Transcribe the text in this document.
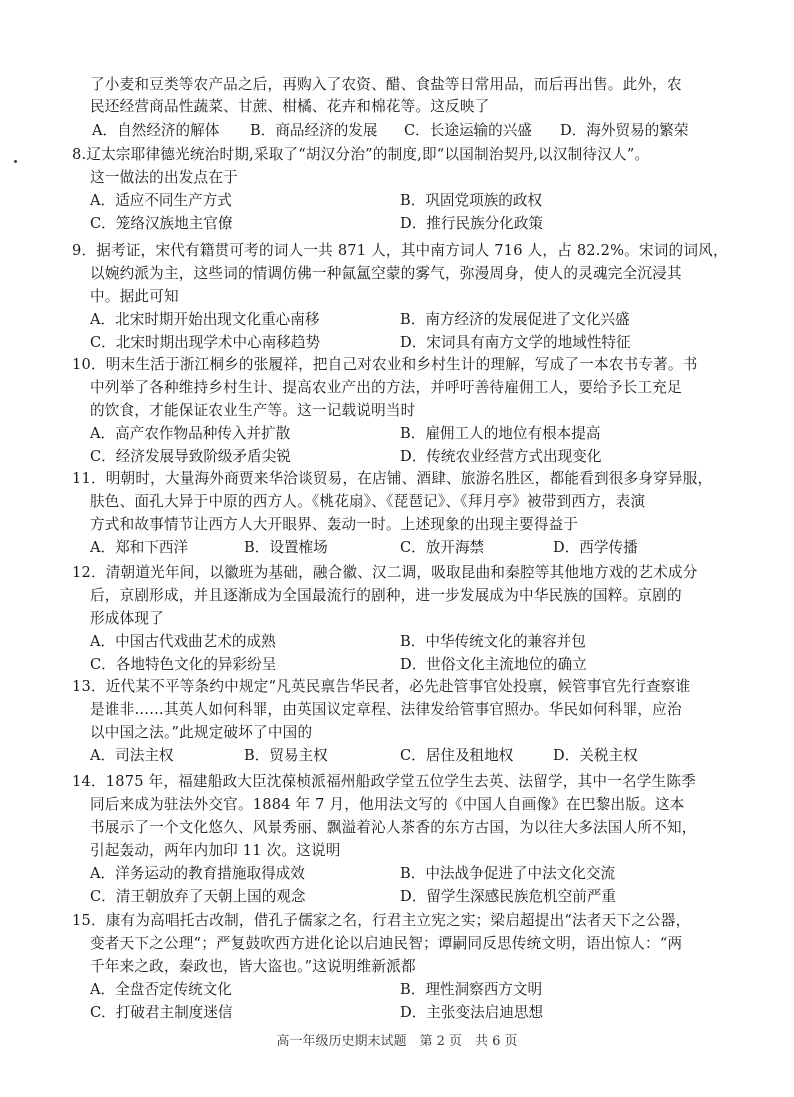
了小麦和豆类等农产品之后，再购入了农资、醋、食盐等日常用品，而后再出售。此外，农
民还经营商品性蔬菜、甘蔗、柑橘、花卉和棉花等。这反映了
A．自然经济的解体 B．商品经济的发展 C．长途运输的兴盛 D．海外贸易的繁荣
8.辽太宗耶律德光统治时期,采取了“胡汉分治”的制度,即“以国制治契丹,以汉制待汉人”。
这一做法的出发点在于
A．适应不同生产方式	B．巩固党项族的政权
C．笼络汉族地主官僚	D．推行民族分化政策
9．据考证，宋代有籍贯可考的词人一共 871 人，其中南方词人 716 人，占 82.2%。宋词的词风，
以婉约派为主，这些词的情调仿佛一种氤氲空蒙的雾气，弥漫周身，使人的灵魂完全沉浸其
中。据此可知
A．北宋时期开始出现文化重心南移	B．南方经济的发展促进了文化兴盛
C．北宋时期出现学术中心南移趋势	D．宋词具有南方文学的地域性特征
10．明末生活于浙江桐乡的张履祥，把自己对农业和乡村生计的理解，写成了一本农书专著。书
中列举了各种维持乡村生计、提高农业产出的方法，并呼吁善待雇佣工人，要给予长工充足
的饮食，才能保证农业生产等。这一记载说明当时
A．高产农作物品种传入并扩散	B．雇佣工人的地位有根本提高
C．经济发展导致阶级矛盾尖锐	D．传统农业经营方式出现变化
11．明朝时，大量海外商贾来华洽谈贸易，在店铺、酒肆、旅游名胜区，都能看到很多身穿异服，
肤色、面孔大异于中原的西方人。《桃花扇》、《琵琶记》、《拜月亭》被带到西方，表演
方式和故事情节让西方人大开眼界、轰动一时。上述现象的出现主要得益于
A．郑和下西洋	B．设置榷场	C．放开海禁	D．西学传播
12．清朝道光年间，以徽班为基础，融合徽、汉二调，吸取昆曲和秦腔等其他地方戏的艺术成分
后，京剧形成，并且逐渐成为全国最流行的剧种，进一步发展成为中华民族的国粹。京剧的
形成体现了
A．中国古代戏曲艺术的成熟	B．中华传统文化的兼容并包
C．各地特色文化的异彩纷呈	D．世俗文化主流地位的确立
13．近代某不平等条约中规定“凡英民禀告华民者，必先赴管事官处投禀，候管事官先行查察谁
是谁非……其英人如何科罪，由英国议定章程、法律发给管事官照办。华民如何科罪，应治
以中国之法。”此规定破坏了中国的
A．司法主权	B．贸易主权	C．居住及租地权	D．关税主权
14．1875 年，福建船政大臣沈葆桢派福州船政学堂五位学生去英、法留学，其中一名学生陈季
同后来成为驻法外交官。1884 年 7 月，他用法文写的《中国人自画像》在巴黎出版。这本
书展示了一个文化悠久、风景秀丽、飘溢着沁人茶香的东方古国，为以往大多法国人所不知，
引起轰动，两年内加印 11 次。这说明
A．洋务运动的教育措施取得成效	B．中法战争促进了中法文化交流
C．清王朝放弃了天朝上国的观念	D．留学生深感民族危机空前严重
15．康有为高唱托古改制，借孔子儒家之名，行君主立宪之实；梁启超提出“法者天下之公器，
变者天下之公理“；严复鼓吹西方进化论以启迪民智；谭嗣同反思传统文明，语出惊人：“两
千年来之政，秦政也，皆大盗也。”这说明维新派都
A．全盘否定传统文化	B．理性洞察西方文明
C．打破君主制度迷信	D．主张变法启迪思想
高一年级历史期末试题　第 2 页　共 6 页
